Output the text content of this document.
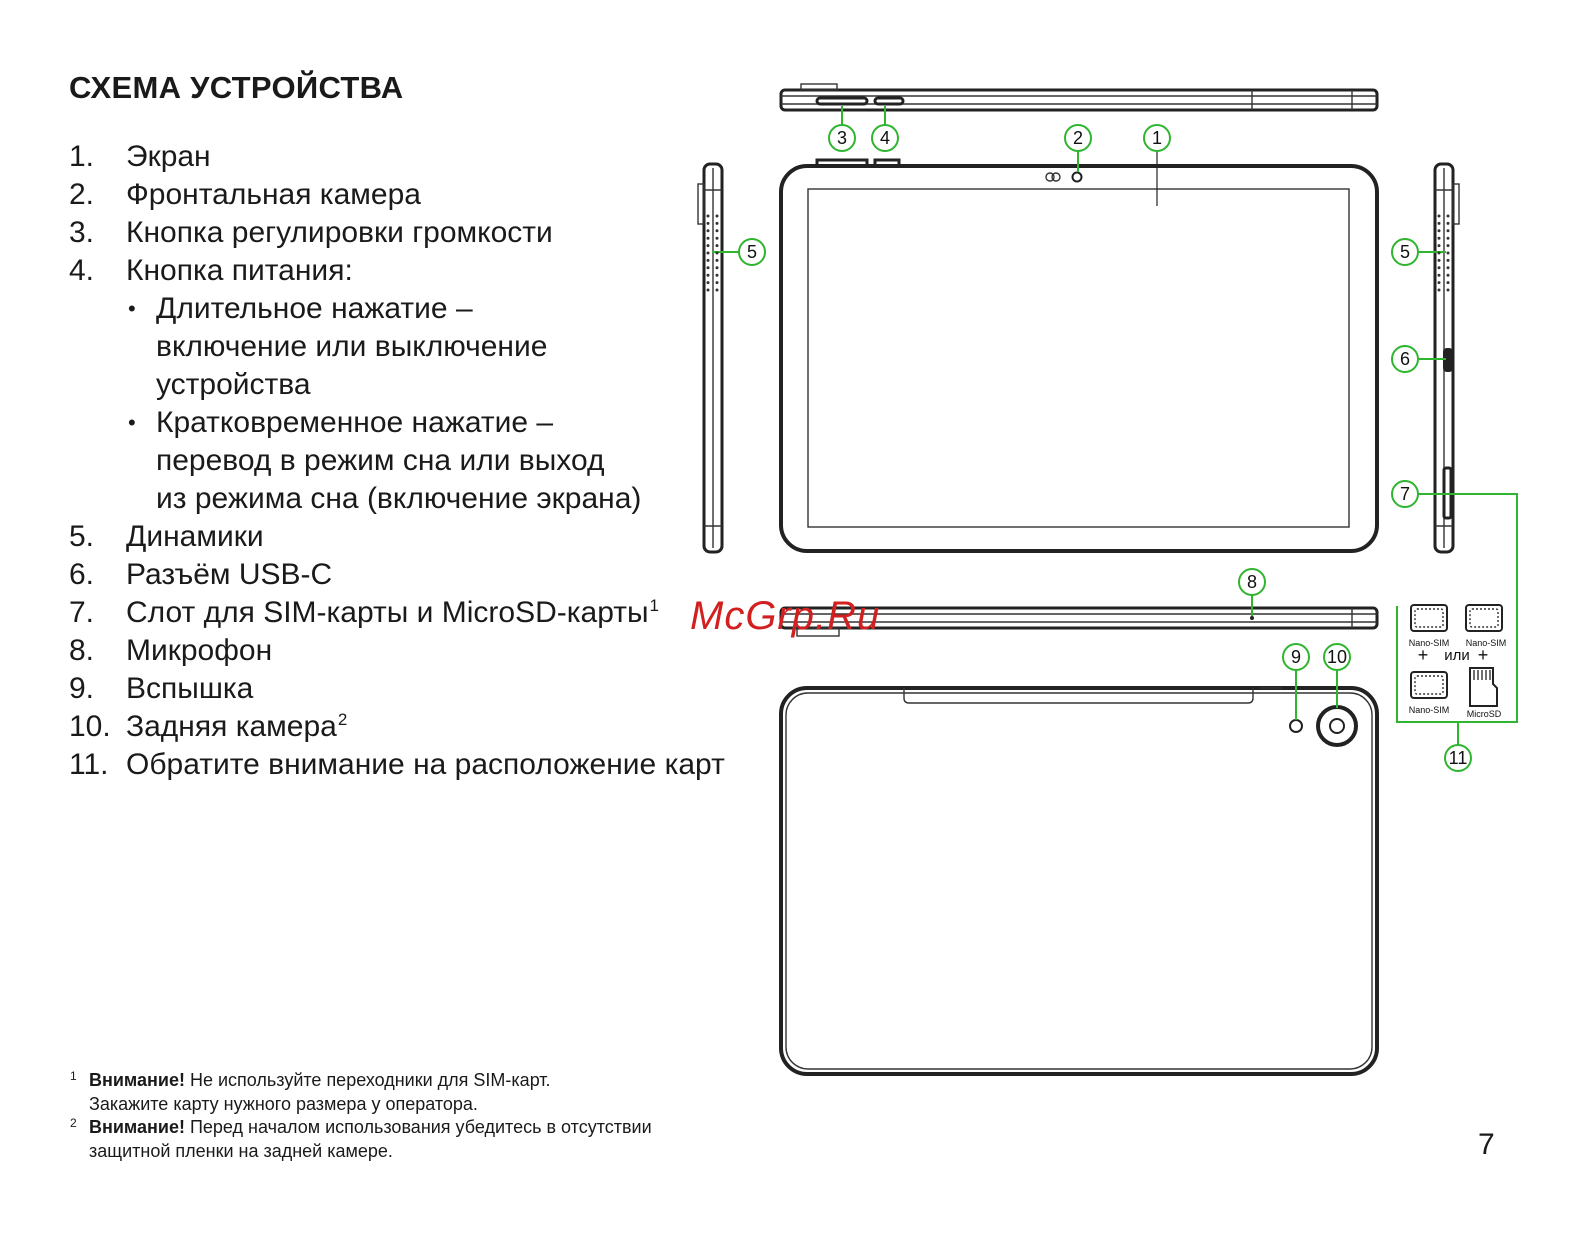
СХЕМА УСТРОЙСТВА
1.	Экран
2.	Фронтальная камера
3.	Кнопка регулировки громкости
4.	Кнопка питания:
• Длительное нажатие –
включение или выключение
устройства
• Кратковременное нажатие –
перевод в режим сна или выход
из режима сна (включение экрана)
5.	Динамики
6.	Разъём USB-C
7.	Слот для SIM-карты и MicroSD-карты$^1$
8.	Микрофон
9.	Вспышка
10. Задняя камера$^2$
11. Обратите внимание на расположение карт
1 Внимание! Не используйте переходники для SIM-карт.
Закажите карту нужного размера у оператора.
2 Внимание! Перед началом использования убедитесь в отсутствии
защитной пленки на задней камере.	7
Nano-SIM Nano-SIM
Nano-SIM MicroSD
+ или +
1
2
3 4
5	5
6
7
8
9 10
11
McGrp.Ru
